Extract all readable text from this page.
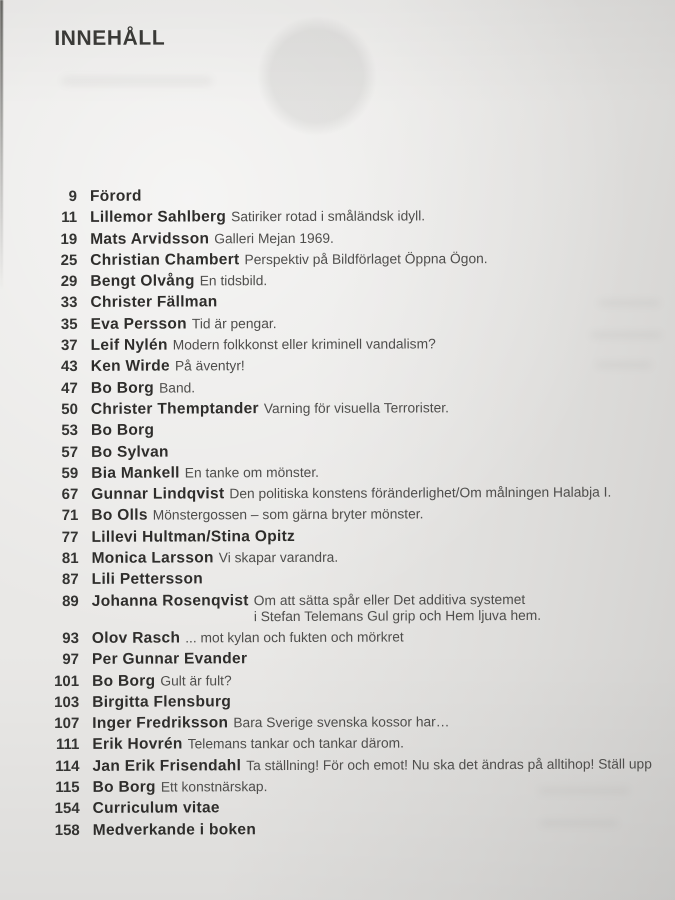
INNEHÅLL
9 Förord
11 Lillemor Sahlberg Satiriker rotad i småländsk idyll.
19 Mats Arvidsson Galleri Mejan 1969.
25 Christian Chambert Perspektiv på Bildförlaget Öppna Ögon.
29 Bengt Olvång En tidsbild.
33 Christer Fällman
35 Eva Persson Tid är pengar.
37 Leif Nylén Modern folkkonst eller kriminell vandalism?
43 Ken Wirde På äventyr!
47 Bo Borg Band.
50 Christer Themptander Varning för visuella Terrorister.
53 Bo Borg
57 Bo Sylvan
59 Bia Mankell En tanke om mönster.
67 Gunnar Lindqvist Den politiska konstens föränderlighet/Om målningen Halabja I.
71 Bo Olls Mönstergossen – som gärna bryter mönster.
77 Lillevi Hultman/Stina Opitz
81 Monica Larsson Vi skapar varandra.
87 Lili Pettersson
89 Johanna Rosenqvist Om att sätta spår eller Det additiva systemet
i Stefan Telemans Gul grip och Hem ljuva hem.
93 Olov Rasch ... mot kylan och fukten och mörkret
97 Per Gunnar Evander
101 Bo Borg Gult är fult?
103 Birgitta Flensburg
107 Inger Fredriksson Bara Sverige svenska kossor har…
111 Erik Hovrén Telemans tankar och tankar därom.
114 Jan Erik Frisendahl Ta ställning! För och emot! Nu ska det ändras på alltihop! Ställ upp
115 Bo Borg Ett konstnärskap.
154 Curriculum vitae
158 Medverkande i boken
